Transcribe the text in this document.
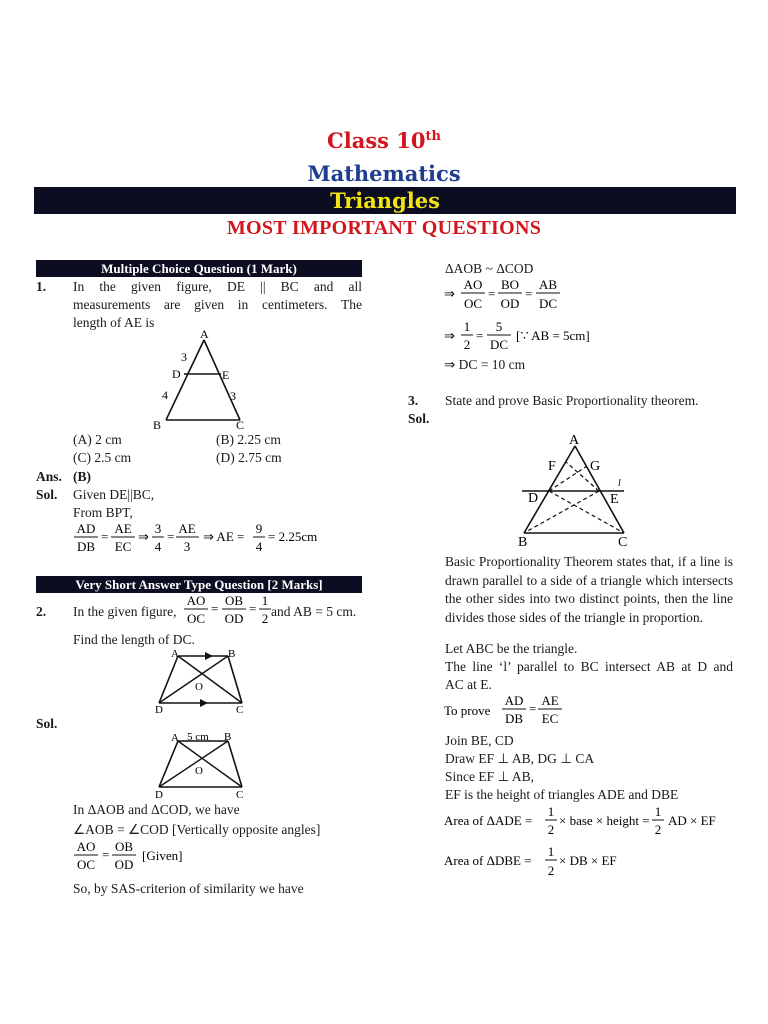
Class 10th
Mathematics
Triangles
MOST IMPORTANT QUESTIONS
Multiple Choice Question (1 Mark)
1. In the given figure, DE || BC and all
measurements are given in centimeters. The
length of AE is
A
D	E
B	C
3
4	3
(A) 2 cm	(B) 2.25 cm
(C) 2.5 cm	(D) 2.75 cm
Ans. (B)
Sol. Given DE||BC,
From BPT,
AD
DB
=
AE
EC
⇒
3
4
=
AE
3
⇒ AE =
9
4
= 2.25cm
Very Short Answer Type Question [2 Marks]
2. In the given figure,
AO
OC
=
OB
OD
=
1
2 and AB = 5 cm.
Find the length of DC.
A	B
O
D	C
Sol.
A 5 cm B
O
D	C
In ΔAOB and ΔCOD, we have
∠AOB = ∠COD [Vertically opposite angles]
AO
OC
=
OB
OD
[Given]
So, by SAS-criterion of similarity we have
ΔAOB ~ ΔCOD
⇒
AO
OC
=
BO
OD
=
AB
DC
⇒
1
2
=
5
DC
[∵ AB = 5cm]
⇒ DC = 10 cm
3. State and prove Basic Proportionality theorem.
Sol.
A
F G
D	E
B	C
l
Basic Proportionality Theorem states that, if a line is drawn parallel to a side of a triangle which intersects the other sides into two distinct points, then the line divides those sides of the triangle in proportion.
Let ABC be the triangle.
The line ‘l’ parallel to BC intersect AB at D and
AC at E.
To prove
AD
DB
=
AE
EC
Join BE, CD
Draw EF ⊥ AB, DG ⊥ CA
Since EF ⊥ AB,
EF is the height of triangles ADE and DBE
Area of ΔADE =
1
2
× base × height =
1
2
AD × EF
Area of ΔDBE =
1
2
× DB × EF
